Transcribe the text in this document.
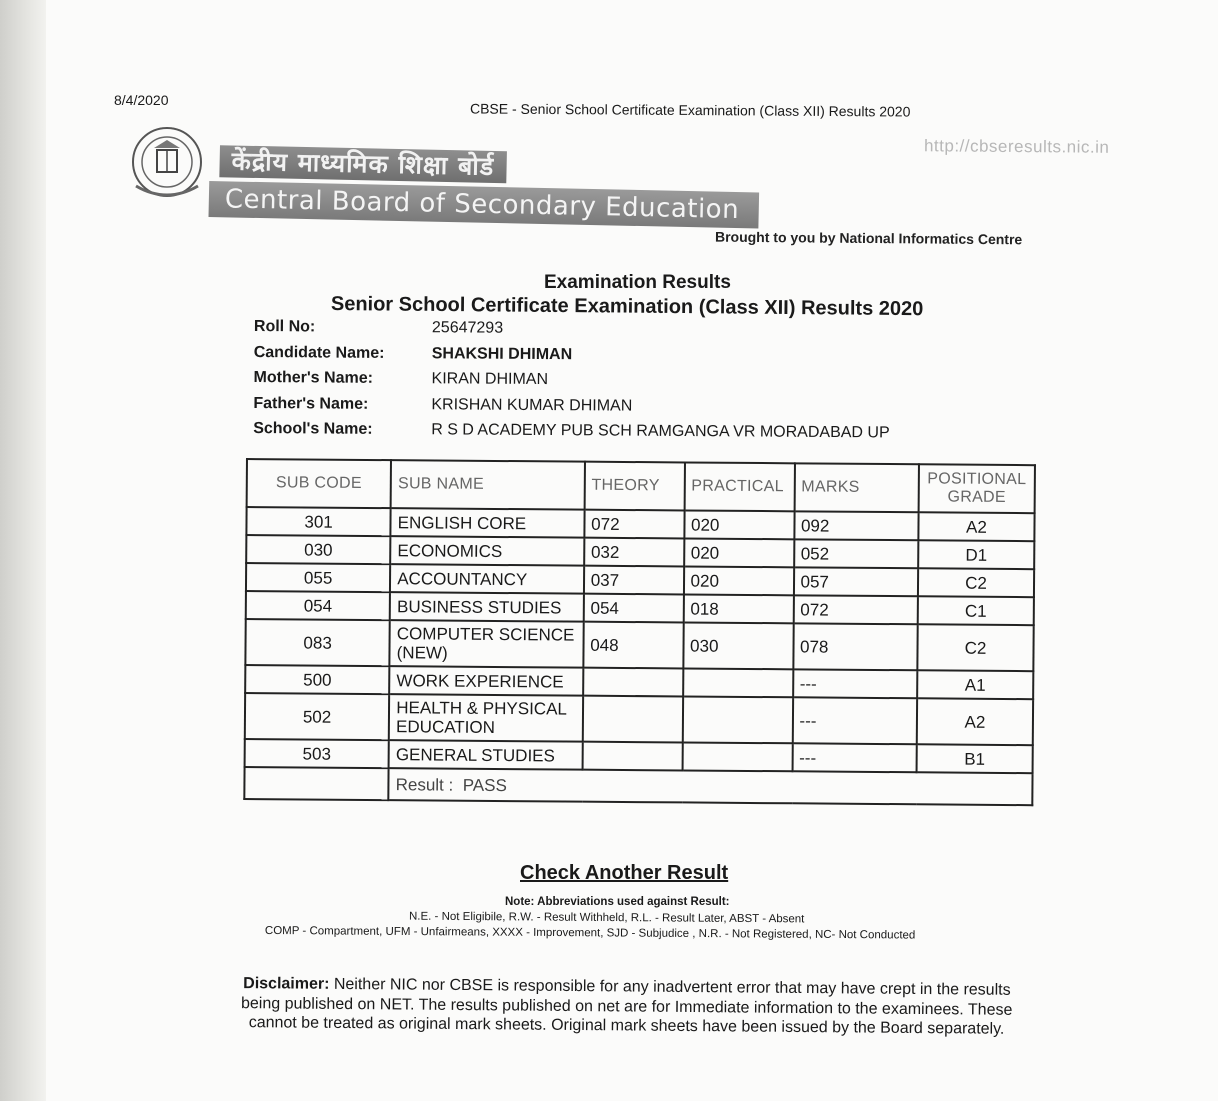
8/4/2020
CBSE - Senior School Certificate Examination (Class XII) Results 2020
http://cbseresults.nic.in
केंद्रीय माध्यमिक शिक्षा बोर्ड
Central Board of Secondary Education
Brought to you by National Informatics Centre
Examination Results
Senior School Certificate Examination (Class XII) Results 2020
Roll No:	25647293
Candidate Name:	SHAKSHI DHIMAN
Mother's Name:	KIRAN DHIMAN
Father's Name:	KRISHAN KUMAR DHIMAN
School's Name:	R S D ACADEMY PUB SCH RAMGANGA VR MORADABAD UP
SUB CODE	SUB NAME	THEORY	PRACTICAL	MARKS	POSITIONAL GRADE
301	ENGLISH CORE	072	020	092	A2
030	ECONOMICS	032	020	052	D1
055	ACCOUNTANCY	037	020	057	C2
054	BUSINESS STUDIES	054	018	072	C1
083	COMPUTER SCIENCE (NEW)	048	030	078	C2
500	WORK EXPERIENCE			---	A1
502	HEALTH & PHYSICAL EDUCATION			---	A2
503	GENERAL STUDIES			---	B1
	Result : PASS				
Check Another Result
Note: Abbreviations used against Result:
N.E. - Not Eligibile, R.W. - Result Withheld, R.L. - Result Later, ABST - Absent
COMP - Compartment, UFM - Unfairmeans, XXXX - Improvement, SJD - Subjudice , N.R. - Not Registered, NC- Not Conducted
Disclaimer: Neither NIC nor CBSE is responsible for any inadvertent error that may have crept in the results being published on NET. The results published on net are for Immediate information to the examinees. These cannot be treated as original mark sheets. Original mark sheets have been issued by the Board separately.
